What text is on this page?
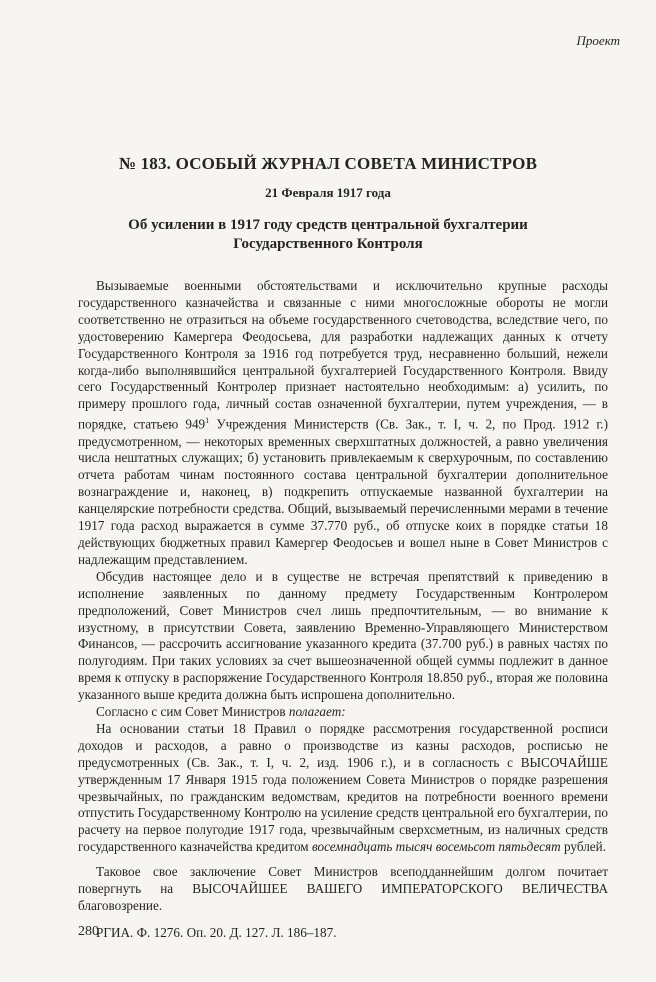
Проект
№ 183. ОСОБЫЙ ЖУРНАЛ СОВЕТА МИНИСТРОВ
21 Февраля 1917 года
Об усилении в 1917 году средств центральной бухгалтерии
Государственного Контроля

Вызываемые военными обстоятельствами и исключительно крупные расходы государственного казначейства и связанные с ними многосложные обороты не могли соответственно не отразиться на объеме государственного счетоводства, вследствие чего, по удостоверению Камергера Феодосьева, для разработки надлежащих данных к отчету Государственного Контроля за 1916 год потребуется труд, несравненно больший, нежели когда-либо выполнявшийся центральной бухгалтерией Государственного Контроля. Ввиду сего Государственный Контролер признает настоятельно необходимым: а) усилить, по примеру прошлого года, личный состав означенной бухгалтерии, путем учреждения, — в порядке, статьею $949^1$ Учреждения Министерств (Св. Зак., т. I, ч. 2, по Прод. 1912 г.) предусмотренном, — некоторых временных сверхштатных должностей, а равно увеличения числа нештатных служащих; б) установить привлекаемым к сверхурочным, по составлению отчета работам чинам постоянного состава центральной бухгалтерии дополнительное вознаграждение и, наконец, в) подкрепить отпускаемые названной бухгалтерии на канцелярские потребности средства. Общий, вызываемый перечисленными мерами в течение 1917 года расход выражается в сумме 37.770 руб., об отпуске коих в порядке статьи 18 действующих бюджетных правил Камергер Феодосьев и вошел ныне в Совет Министров с надлежащим представлением.

Обсудив настоящее дело и в существе не встречая препятствий к приведению в исполнение заявленных по данному предмету Государственным Контролером предположений, Совет Министров счел лишь предпочтительным, — во внимание к изустному, в присутствии Совета, заявлению Временно-Управляющего Министерством Финансов, — рассрочить ассигнование указанного кредита (37.700 руб.) в равных частях по полугодиям. При таких условиях за счет вышеозначенной общей суммы подлежит в данное время к отпуску в распоряжение Государственного Контроля 18.850 руб., вторая же половина указанного выше кредита должна быть испрошена дополнительно.

Согласно с сим Совет Министров полагает:

На основании статьи 18 Правил о порядке рассмотрения государственной росписи доходов и расходов, а равно о производстве из казны расходов, росписью не предусмотренных (Св. Зак., т. I, ч. 2, изд. 1906 г.), и в согласность с ВЫСОЧАЙШЕ утвержденным 17 Января 1915 года положением Совета Министров о порядке разрешения чрезвычайных, по гражданским ведомствам, кредитов на потребности военного времени отпустить Государственному Контролю на усиление средств центральной его бухгалтерии, по расчету на первое полугодие 1917 года, чрезвычайным сверхсметным, из наличных средств государственного казначейства кредитом восемнадцать тысяч восемьсот пятьдесят рублей.

Таковое свое заключение Совет Министров всеподданнейшим долгом почитает повергнуть на ВЫСОЧАЙШЕЕ ВАШЕГО ИМПЕРАТОРСКОГО ВЕЛИЧЕСТВА благовозрение.

РГИА. Ф. 1276. Оп. 20. Д. 127. Л. 186–187.

280
